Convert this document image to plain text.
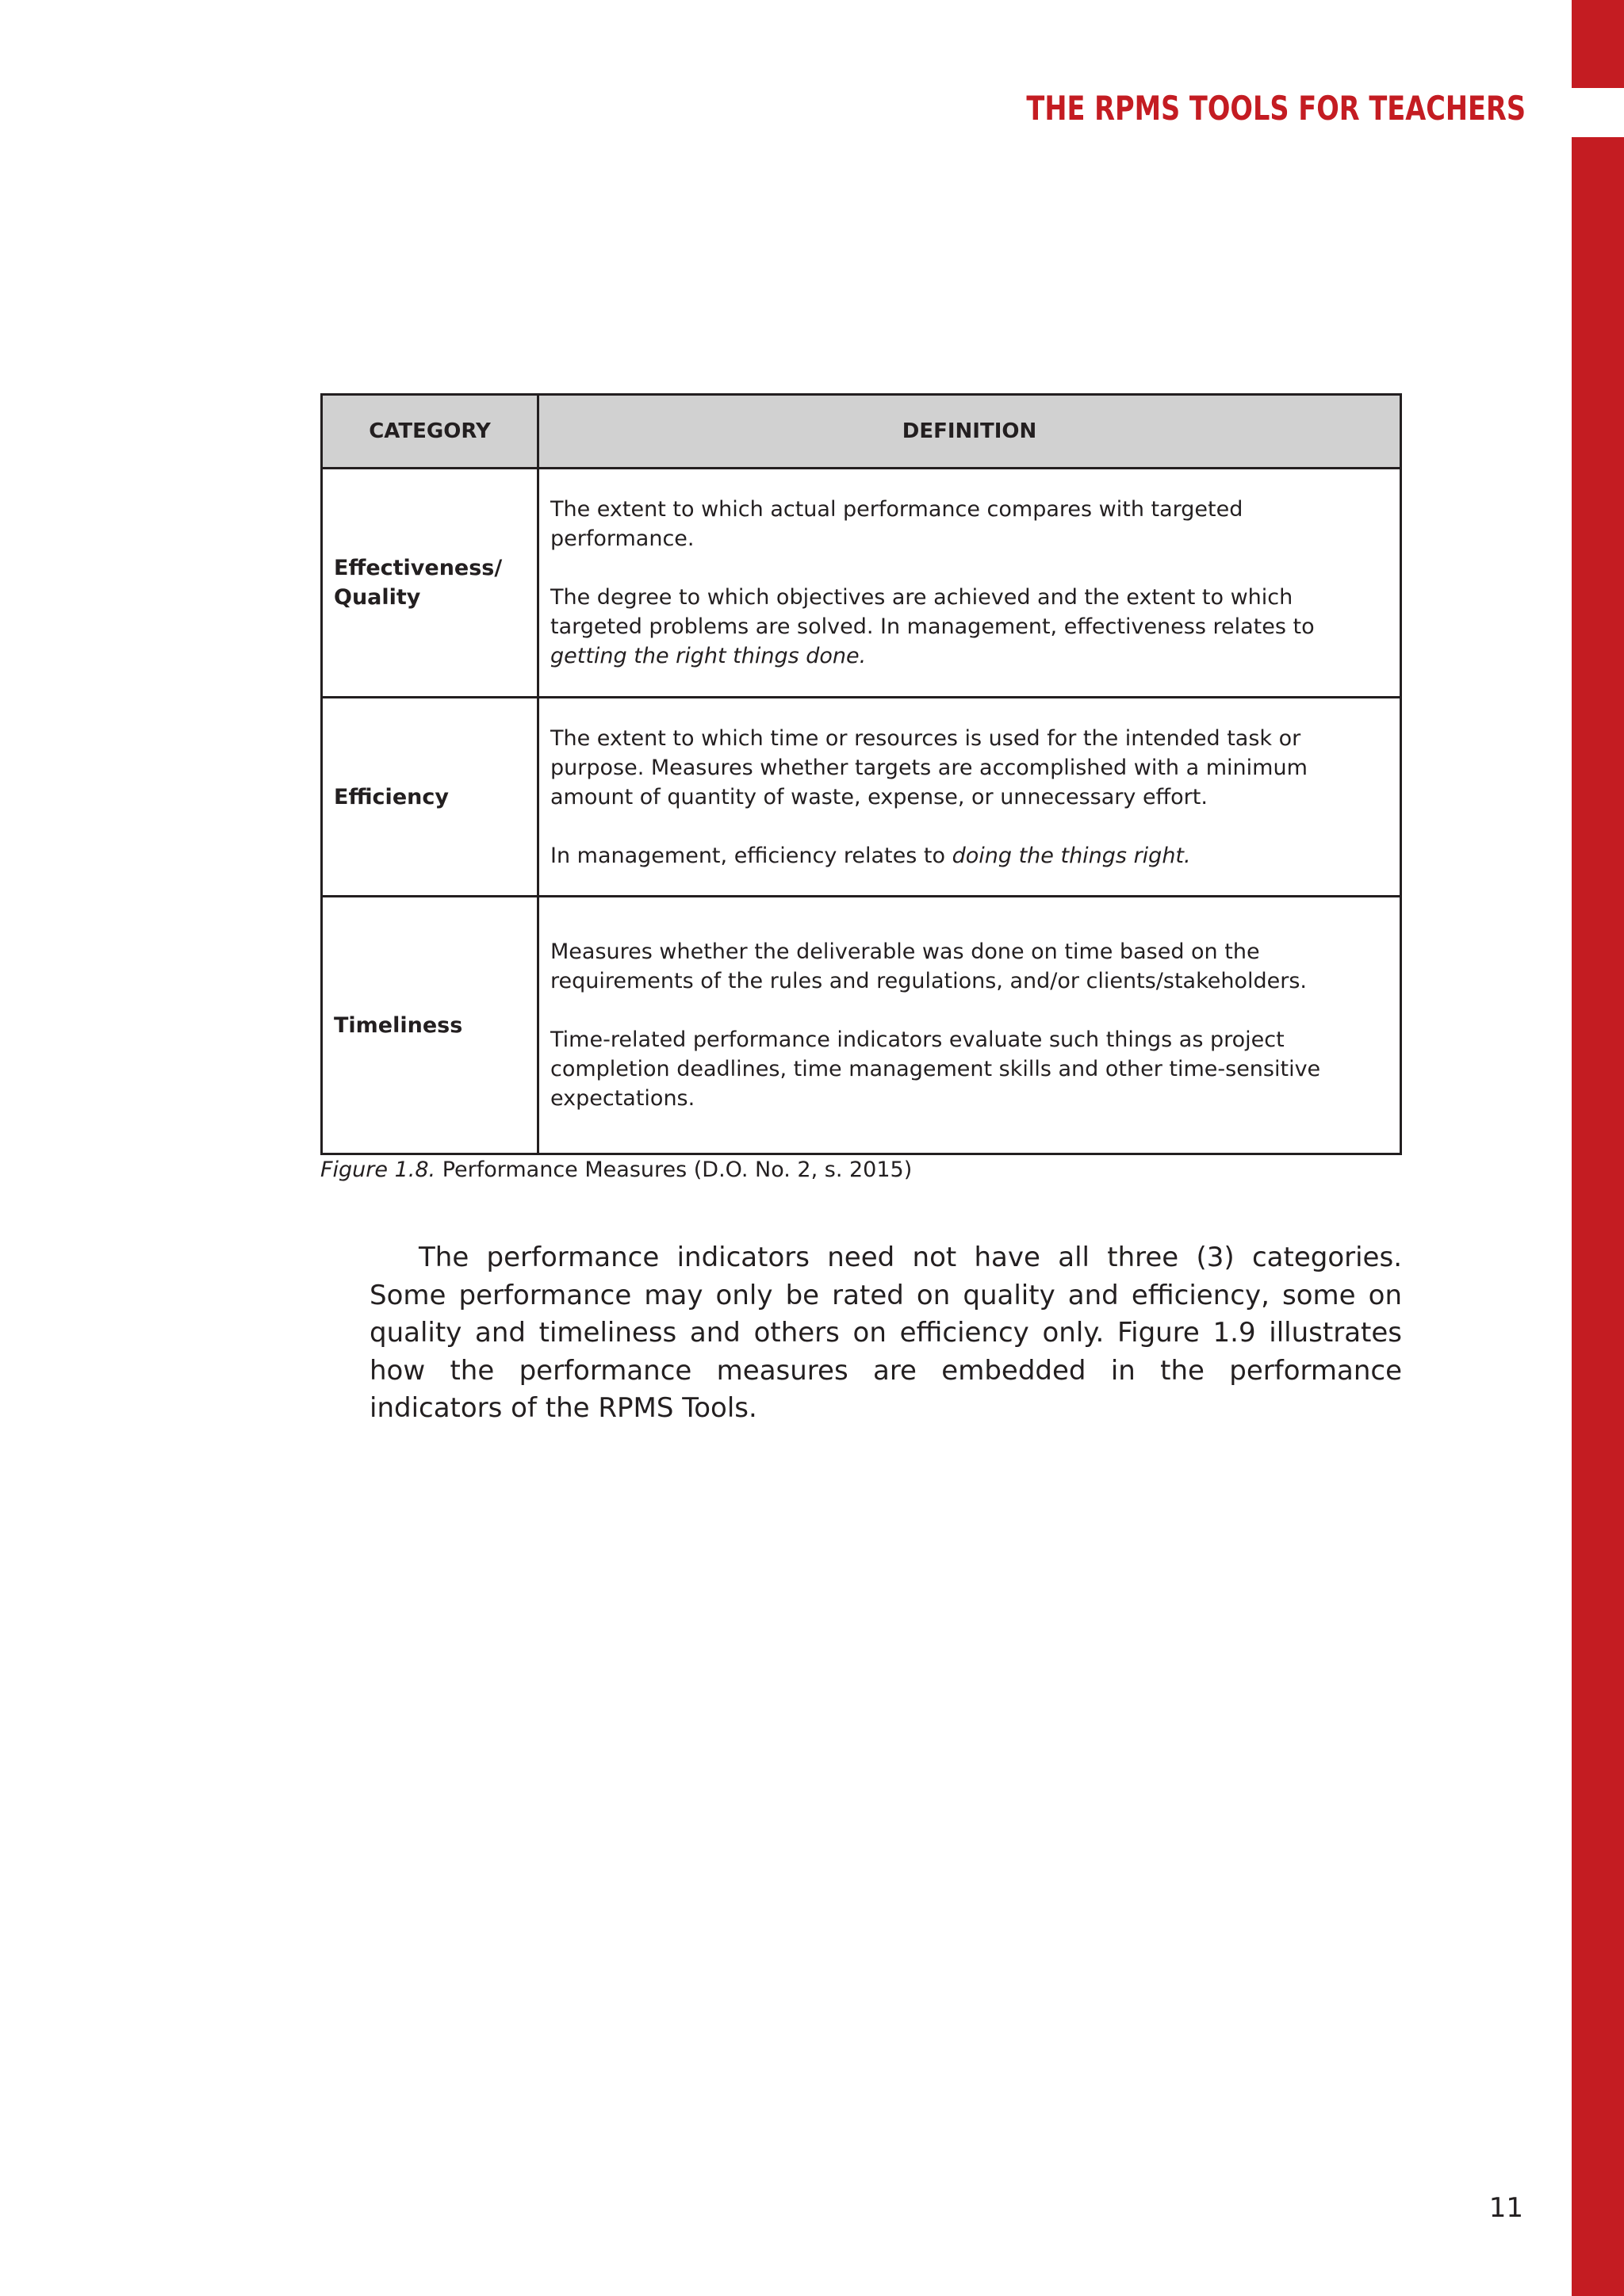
THE RPMS TOOLS FOR TEACHERS
CATEGORY	DEFINITION

Effectiveness/ Quality	The extent to which actual performance compares with targeted performance.

The degree to which objectives are achieved and the extent to which targeted problems are solved. In management, effectiveness relates to getting the right things done.

Efficiency	The extent to which time or resources is used for the intended task or purpose. Measures whether targets are accomplished with a minimum amount of quantity of waste, expense, or unnecessary effort.

In management, efficiency relates to doing the things right.

Timeliness	Measures whether the deliverable was done on time based on the requirements of the rules and regulations, and/or clients/stakeholders.

Time-related performance indicators evaluate such things as project completion deadlines, time management skills and other time-sensitive expectations.

Figure 1.8. Performance Measures (D.O. No. 2, s. 2015)

The performance indicators need not have all three (3) categories. Some performance may only be rated on quality and efficiency, some on quality and timeliness and others on efficiency only. Figure 1.9 illustrates how the performance measures are embedded in the performance indicators of the RPMS Tools.

11
